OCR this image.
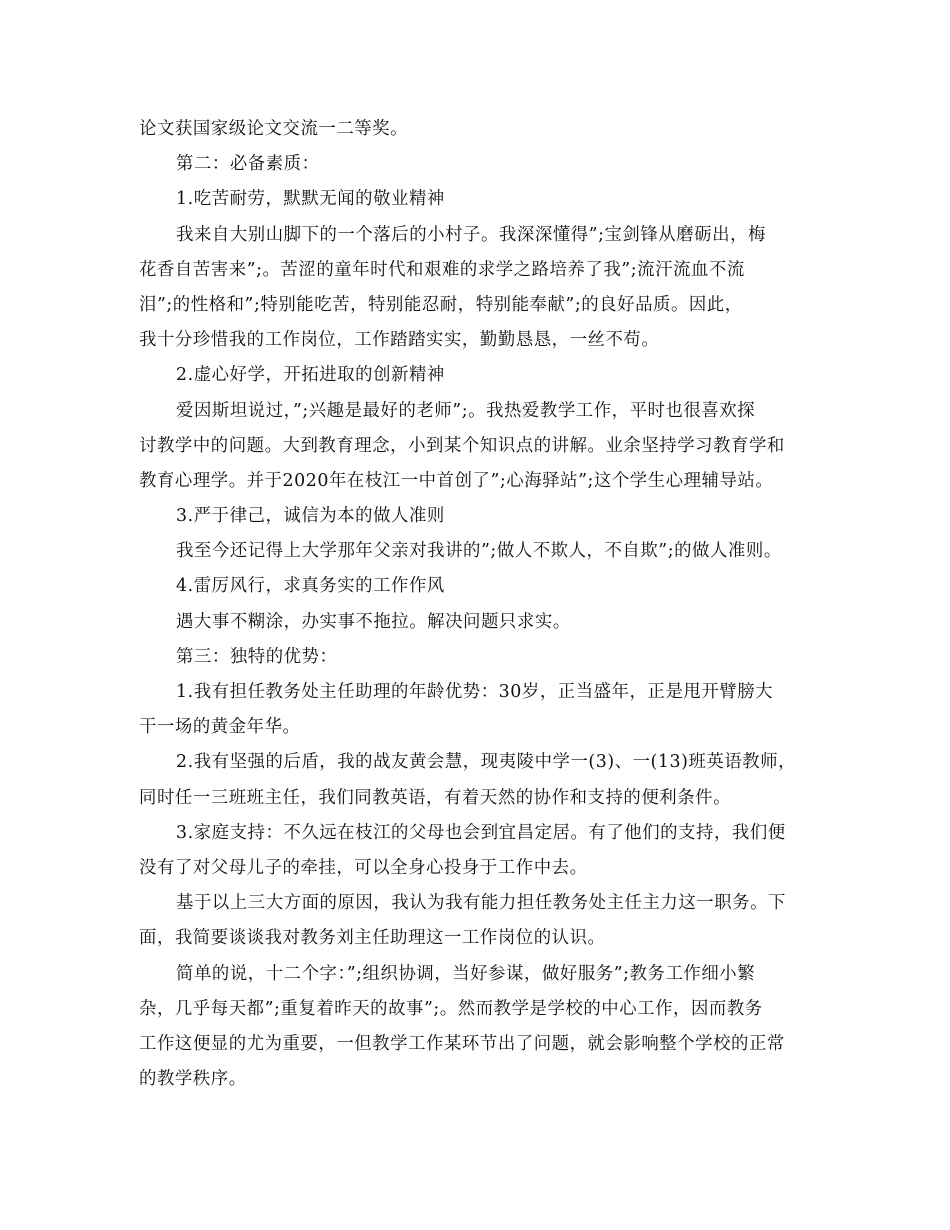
论文获国家级论文交流一二等奖。
第二：必备素质：
1.吃苦耐劳，默默无闻的敬业精神
我来自大别山脚下的一个落后的小村子。我深深懂得”;宝剑锋从磨砺出，梅
花香自苦害来”;。苦涩的童年时代和艰难的求学之路培养了我”;流汗流血不流
泪”;的性格和”;特别能吃苦，特别能忍耐，特别能奉献”;的良好品质。因此，
我十分珍惜我的工作岗位，工作踏踏实实，勤勤恳恳，一丝不苟。
2.虚心好学，开拓进取的创新精神
爱因斯坦说过，”;兴趣是最好的老师”;。我热爱教学工作，平时也很喜欢探
讨教学中的问题。大到教育理念，小到某个知识点的讲解。业余坚持学习教育学和
教育心理学。并于2020年在枝江一中首创了”;心海驿站”;这个学生心理辅导站。
3.严于律己，诚信为本的做人准则
我至今还记得上大学那年父亲对我讲的”;做人不欺人，不自欺”;的做人准则。
4.雷厉风行，求真务实的工作作风
遇大事不糊涂，办实事不拖拉。解决问题只求实。
第三：独特的优势：
1.我有担任教务处主任助理的年龄优势：30岁，正当盛年，正是甩开臂膀大
干一场的黄金年华。
2.我有坚强的后盾，我的战友黄会慧，现夷陵中学一(3)、一(13)班英语教师，
同时任一三班班主任，我们同教英语，有着天然的协作和支持的便利条件。
3.家庭支持：不久远在枝江的父母也会到宜昌定居。有了他们的支持，我们便
没有了对父母儿子的牵挂，可以全身心投身于工作中去。
基于以上三大方面的原因，我认为我有能力担任教务处主任主力这一职务。下
面，我简要谈谈我对教务刘主任助理这一工作岗位的认识。
简单的说，十二个字：”;组织协调，当好参谋，做好服务”;教务工作细小繁
杂，几乎每天都”;重复着昨天的故事”;。然而教学是学校的中心工作，因而教务
工作这便显的尤为重要，一但教学工作某环节出了问题，就会影响整个学校的正常
的教学秩序。
